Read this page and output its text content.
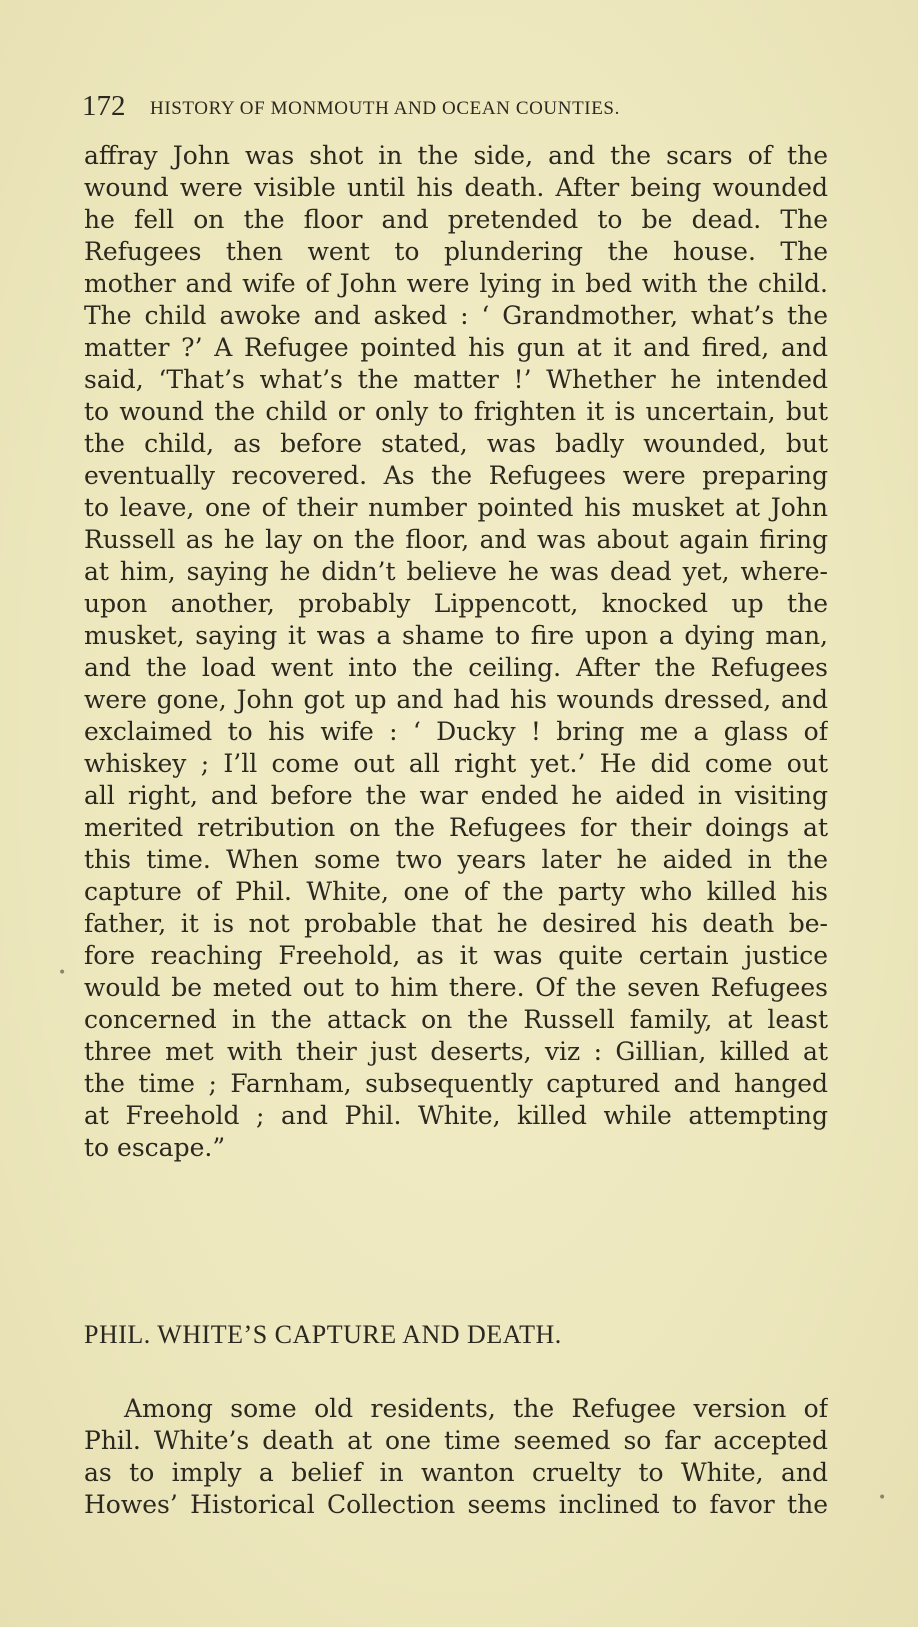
172 HISTORY OF MONMOUTH AND OCEAN COUNTIES.
affray John was shot in the side, and the scars of the
wound were visible until his death. After being wounded
he fell on the floor and pretended to be dead. The
Refugees then went to plundering the house. The
mother and wife of John were lying in bed with the child.
The child awoke and asked : ‘ Grandmother, what’s the
matter ?’ A Refugee pointed his gun at it and fired, and
said, ‘That’s what’s the matter !’ Whether he intended
to wound the child or only to frighten it is uncertain, but
the child, as before stated, was badly wounded, but
eventually recovered. As the Refugees were preparing
to leave, one of their number pointed his musket at John
Russell as he lay on the floor, and was about again firing
at him, saying he didn’t believe he was dead yet, where-
upon another, probably Lippencott, knocked up the
musket, saying it was a shame to fire upon a dying man,
and the load went into the ceiling. After the Refugees
were gone, John got up and had his wounds dressed, and
exclaimed to his wife : ‘ Ducky ! bring me a glass of
whiskey ; I’ll come out all right yet.’ He did come out
all right, and before the war ended he aided in visiting
merited retribution on the Refugees for their doings at
this time. When some two years later he aided in the
capture of Phil. White, one of the party who killed his
father, it is not probable that he desired his death be-
fore reaching Freehold, as it was quite certain justice
would be meted out to him there. Of the seven Refugees
concerned in the attack on the Russell family, at least
three met with their just deserts, viz : Gillian, killed at
the time ; Farnham, subsequently captured and hanged
at Freehold ; and Phil. White, killed while attempting
to escape.”
PHIL. WHITE’S CAPTURE AND DEATH.
Among some old residents, the Refugee version of
Phil. White’s death at one time seemed so far accepted
as to imply a belief in wanton cruelty to White, and
Howes’ Historical Collection seems inclined to favor the
•
•
